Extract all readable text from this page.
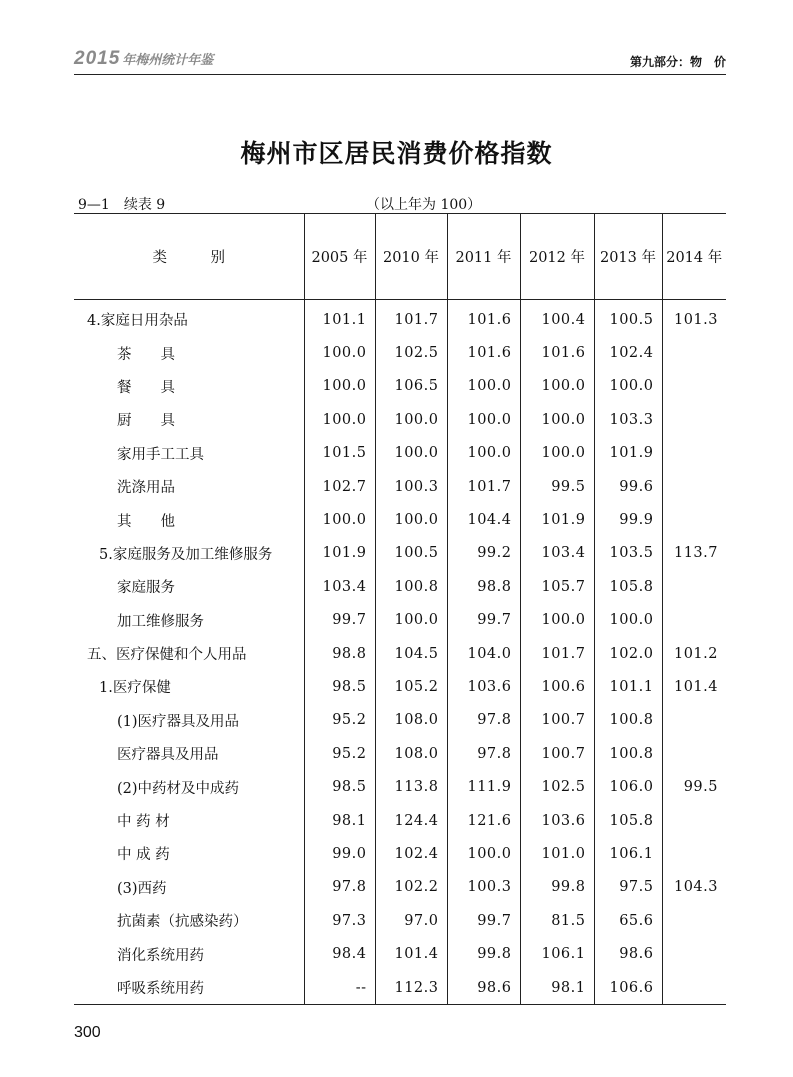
2015 年梅州统计年鉴	第九部分：物　价
梅州市区居民消费价格指数
9—1　续表 9	（以上年为 100）
类　　　别	2005 年	2010 年	2011 年	2012 年	2013 年	2014 年
4.家庭日用杂品	101.1	101.7	101.6	100.4	100.5	101.3
茶　　具	100.0	102.5	101.6	101.6	102.4	
餐　　具	100.0	106.5	100.0	100.0	100.0	
厨　　具	100.0	100.0	100.0	100.0	103.3	
家用手工工具	101.5	100.0	100.0	100.0	101.9	
洗涤用品	102.7	100.3	101.7	99.5	99.6	
其　　他	100.0	100.0	104.4	101.9	99.9	
5.家庭服务及加工维修服务	101.9	100.5	99.2	103.4	103.5	113.7
家庭服务	103.4	100.8	98.8	105.7	105.8	
加工维修服务	99.7	100.0	99.7	100.0	100.0	
五、医疗保健和个人用品	98.8	104.5	104.0	101.7	102.0	101.2
1.医疗保健	98.5	105.2	103.6	100.6	101.1	101.4
(1)医疗器具及用品	95.2	108.0	97.8	100.7	100.8	
医疗器具及用品	95.2	108.0	97.8	100.7	100.8	
(2)中药材及中成药	98.5	113.8	111.9	102.5	106.0	99.5
中 药 材	98.1	124.4	121.6	103.6	105.8	
中 成 药	99.0	102.4	100.0	101.0	106.1	
(3)西药	97.8	102.2	100.3	99.8	97.5	104.3
抗菌素（抗感染药）	97.3	97.0	99.7	81.5	65.6	
消化系统用药	98.4	101.4	99.8	106.1	98.6	
呼吸系统用药	--	112.3	98.6	98.1	106.6	
300
